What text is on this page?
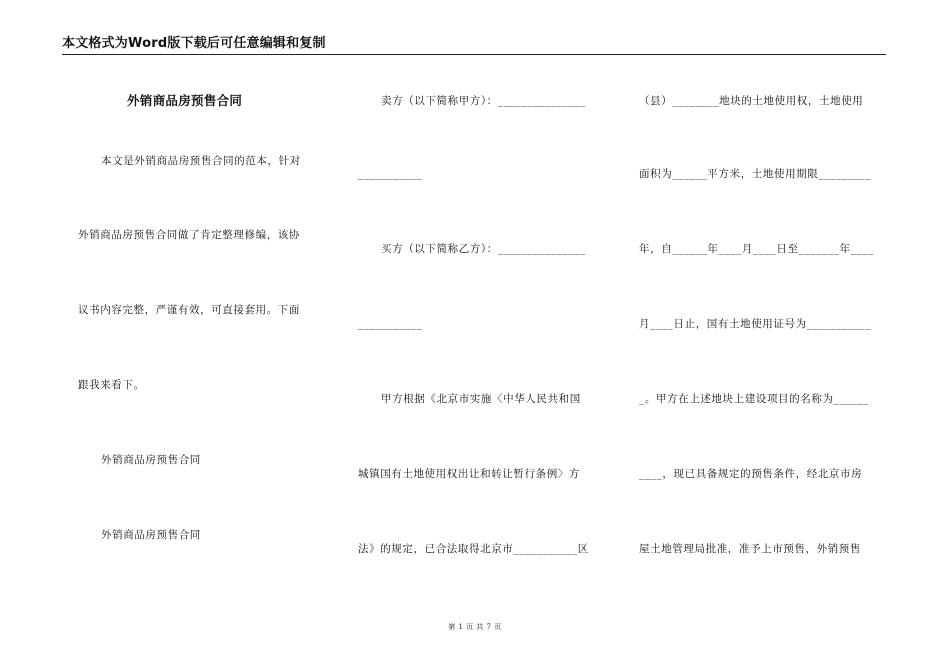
本文格式为Word版下载后可任意编辑和复制
外销商品房预售合同
本文是外销商品房预售合同的范本，针对
外销商品房预售合同做了肯定整理修编，该协
议书内容完整，严谨有效，可直接套用。下面
跟我来看下。
外销商品房预售合同
外销商品房预售合同
卖方（以下简称甲方）：_______________
___________
买方（以下简称乙方）：_______________
___________
甲方根据《北京市实施〈中华人民共和国
城镇国有土地使用权出让和转让暂行条例〉方
法》的规定，已合法取得北京市___________区
（县）________地块的土地使用权，土地使用
面积为______平方米，土地使用期限_________
年，自______年____月____日至_______年____
月____日止，国有土地使用证号为___________
_。甲方在上述地块上建设项目的名称为______
____，现已具备规定的预售条件，经北京市房
屋土地管理局批准，准予上市预售，外销预售
第 1 页 共 7 页
